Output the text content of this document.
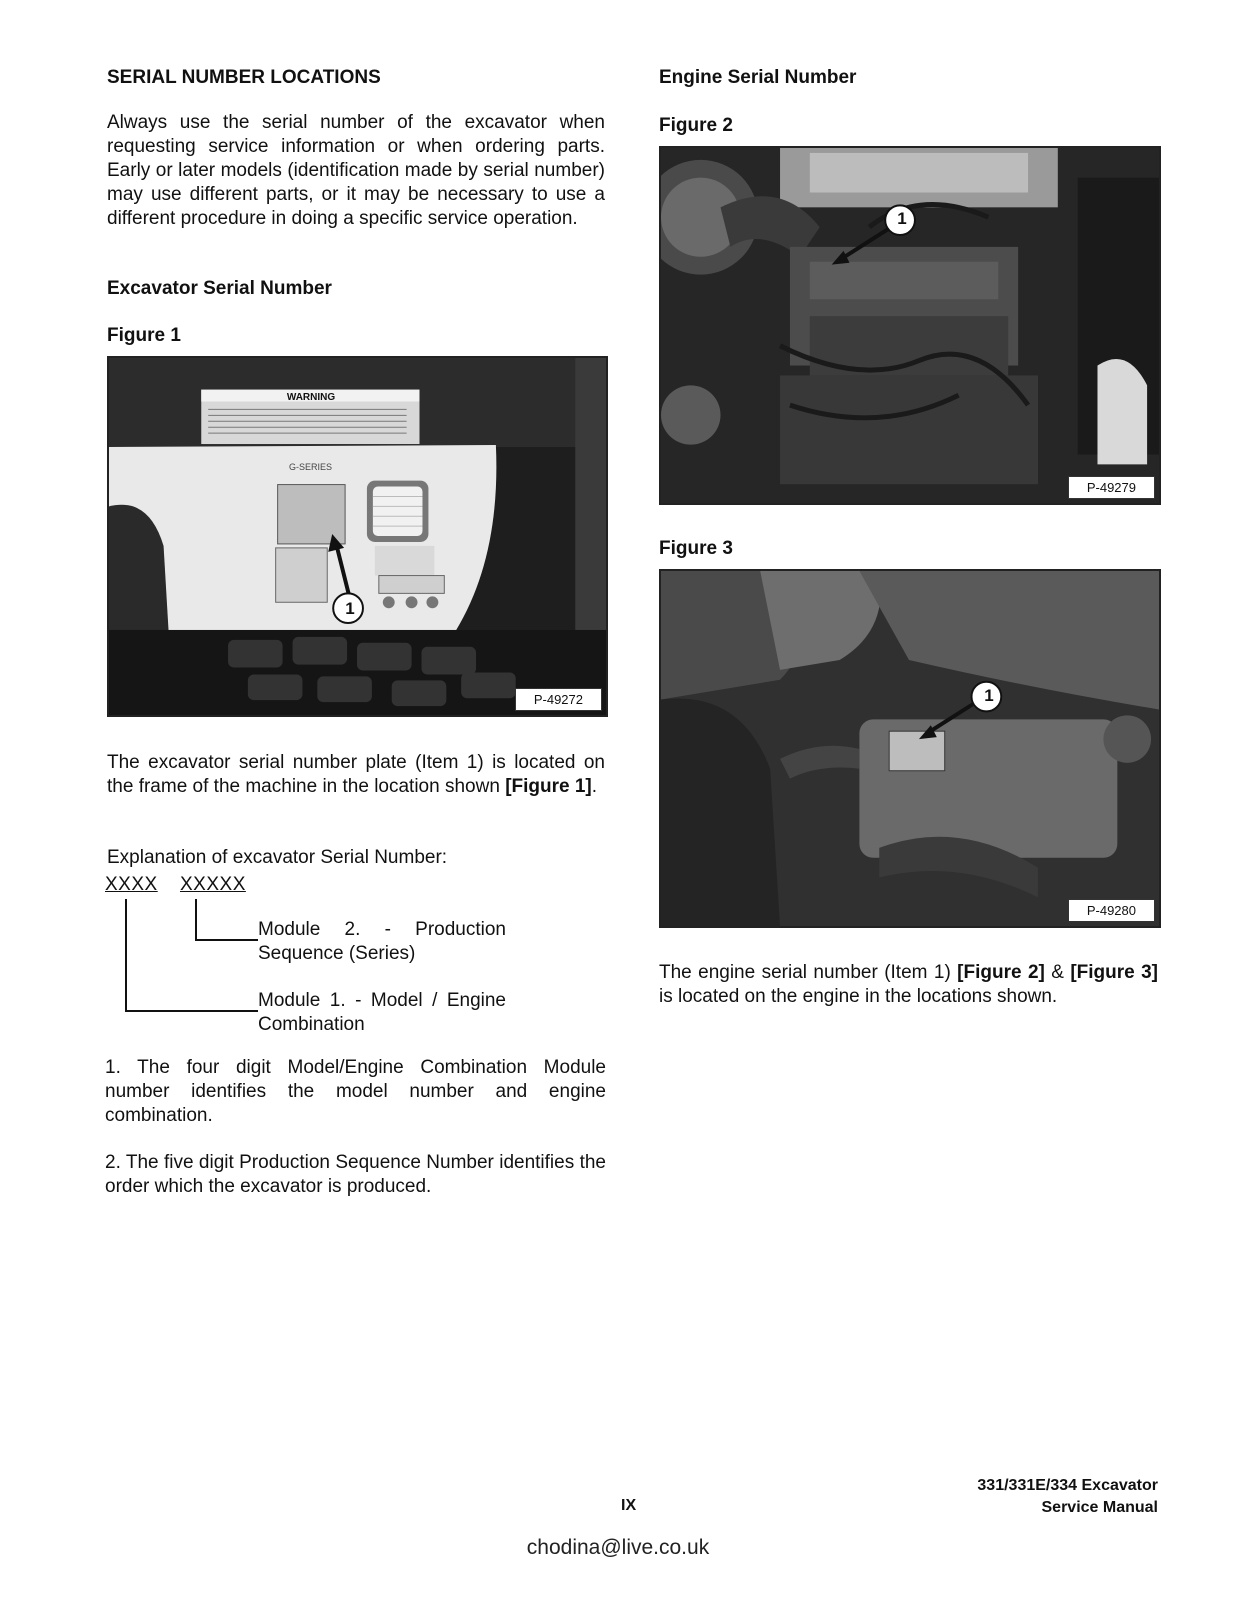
SERIAL NUMBER LOCATIONS
Always use the serial number of the excavator when requesting service information or when ordering parts. Early or later models (identification made by serial number) may use different parts, or it may be necessary to use a different procedure in doing a specific service operation.
Excavator Serial Number
Figure 1
WARNING
G-SERIES
1
P-49272
The excavator serial number plate (Item 1) is located on the frame of the machine in the location shown [Figure 1].
Explanation of excavator Serial Number:
XXXX XXXXX
Module 2. - Production Sequence (Series)
Module 1. - Model / Engine Combination
1. The four digit Model/Engine Combination Module number identifies the model number and engine combination.
2. The five digit Production Sequence Number identifies the order which the excavator is produced.
Engine Serial Number
Figure 2
1
P-49279
Figure 3
1
P-49280
The engine serial number (Item 1) [Figure 2] & [Figure 3] is located on the engine in the locations shown.
IX
331/331E/334 Excavator
Service Manual
chodina@live.co.uk
